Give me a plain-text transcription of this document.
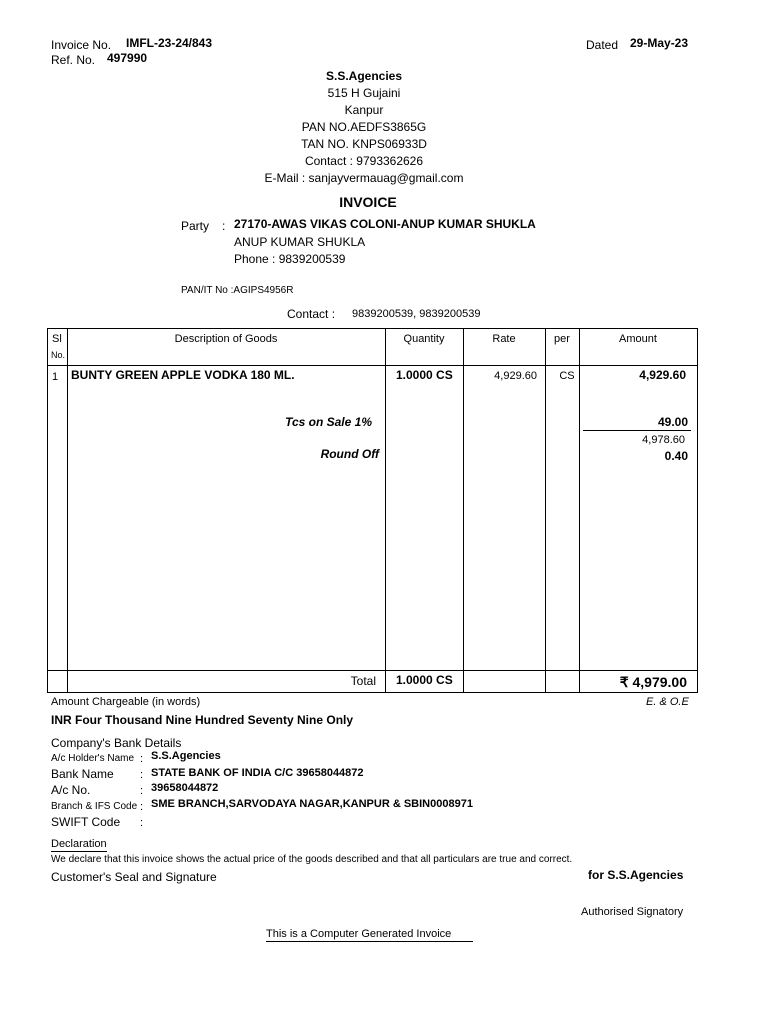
Invoice No. IMFL-23-24/843
Ref. No. 497990
Dated 29-May-23
S.S.Agencies
515 H Gujaini
Kanpur
PAN NO.AEDFS3865G
TAN NO. KNPS06933D
Contact : 9793362626
E-Mail : sanjayvermauag@gmail.com
INVOICE
Party : 27170-AWAS VIKAS COLONI-ANUP KUMAR SHUKLA
ANUP KUMAR SHUKLA
Phone : 9839200539
PAN/IT No :AGIPS4956R
Contact : 9839200539, 9839200539
Sl
No.
Description of Goods	Quantity	Rate	per	Amount
1 BUNTY GREEN APPLE VODKA 180 ML.	1.0000 CS	4,929.60	CS	4,929.60
Tcs on Sale 1%	49.00
4,978.60
Round Off	0.40
Total 1.0000 CS	₹ 4,979.00
Amount Chargeable (in words)	E. & O.E
INR Four Thousand Nine Hundred Seventy Nine Only
Company's Bank Details
A/c Holder's Name : S.S.Agencies
Bank Name : STATE BANK OF INDIA C/C 39658044872
A/c No.	: 39658044872
Branch & IFS Code : SME BRANCH,SARVODAYA NAGAR,KANPUR & SBIN0008971
SWIFT Code :
Declaration
We declare that this invoice shows the actual price of the goods described and that all particulars are true and correct.
Customer's Seal and Signature	for S.S.Agencies
Authorised Signatory
This is a Computer Generated Invoice
